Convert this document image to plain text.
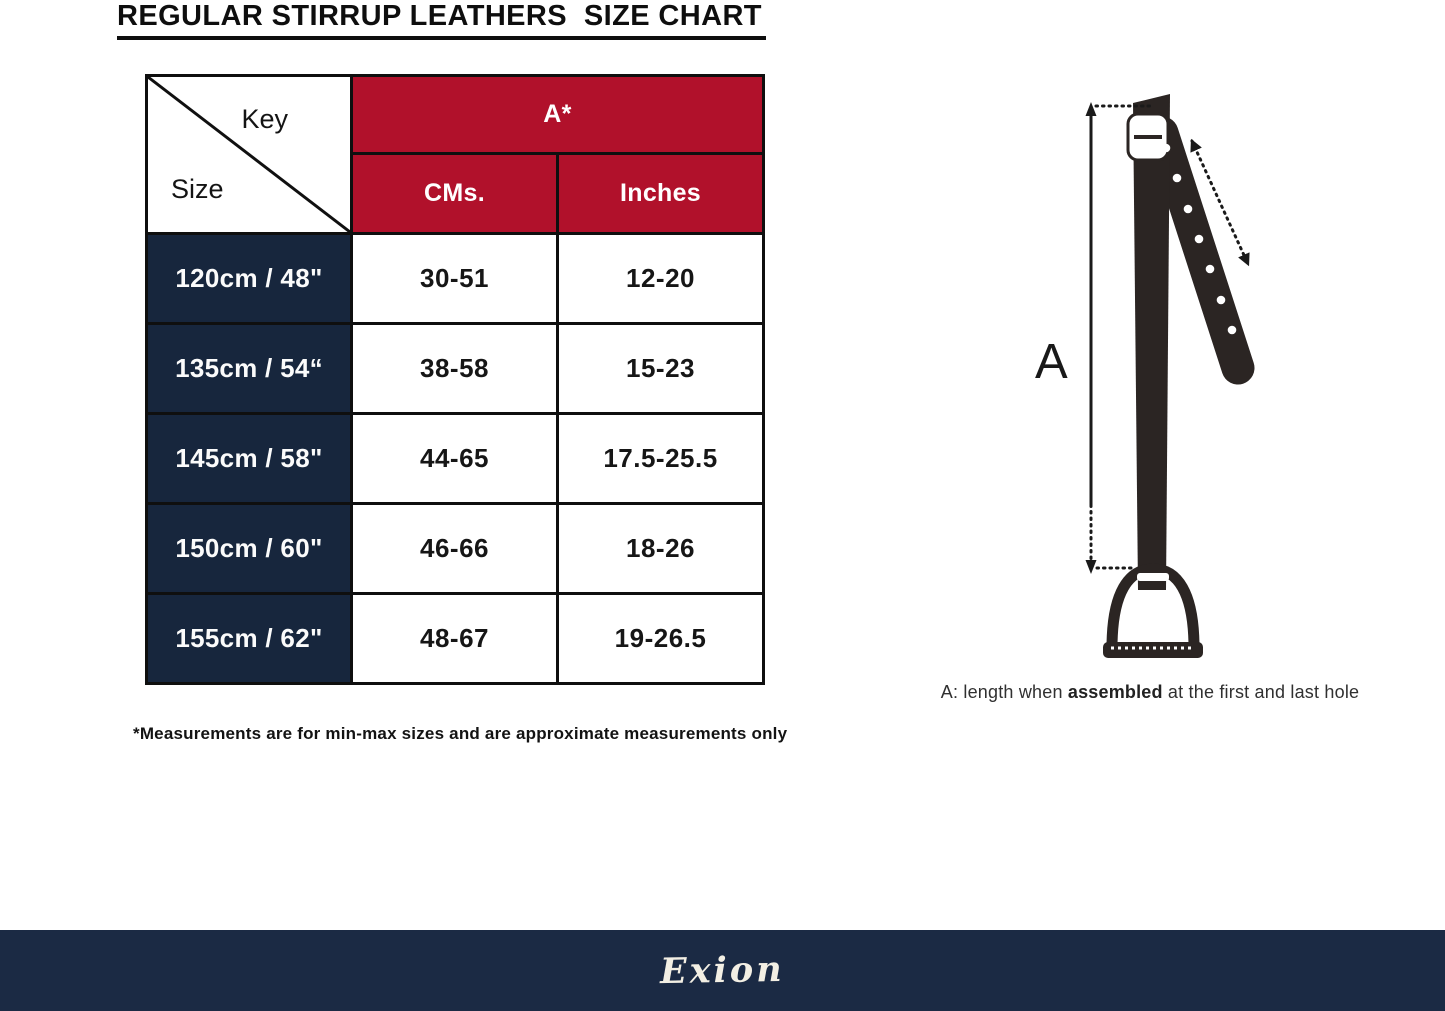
REGULAR STIRRUP LEATHERS  SIZE CHART
Key
Size	A*	
	CMs.	Inches
120cm / 48"	30-51	12-20
135cm / 54“	38-58	15-23
145cm / 58"	44-65	17.5-25.5
150cm / 60"	46-66	18-26
155cm / 62"	48-67	19-26.5
*Measurements are for min-max sizes and are approximate measurements only
A
A: length when assembled at the first and last hole
Exion
